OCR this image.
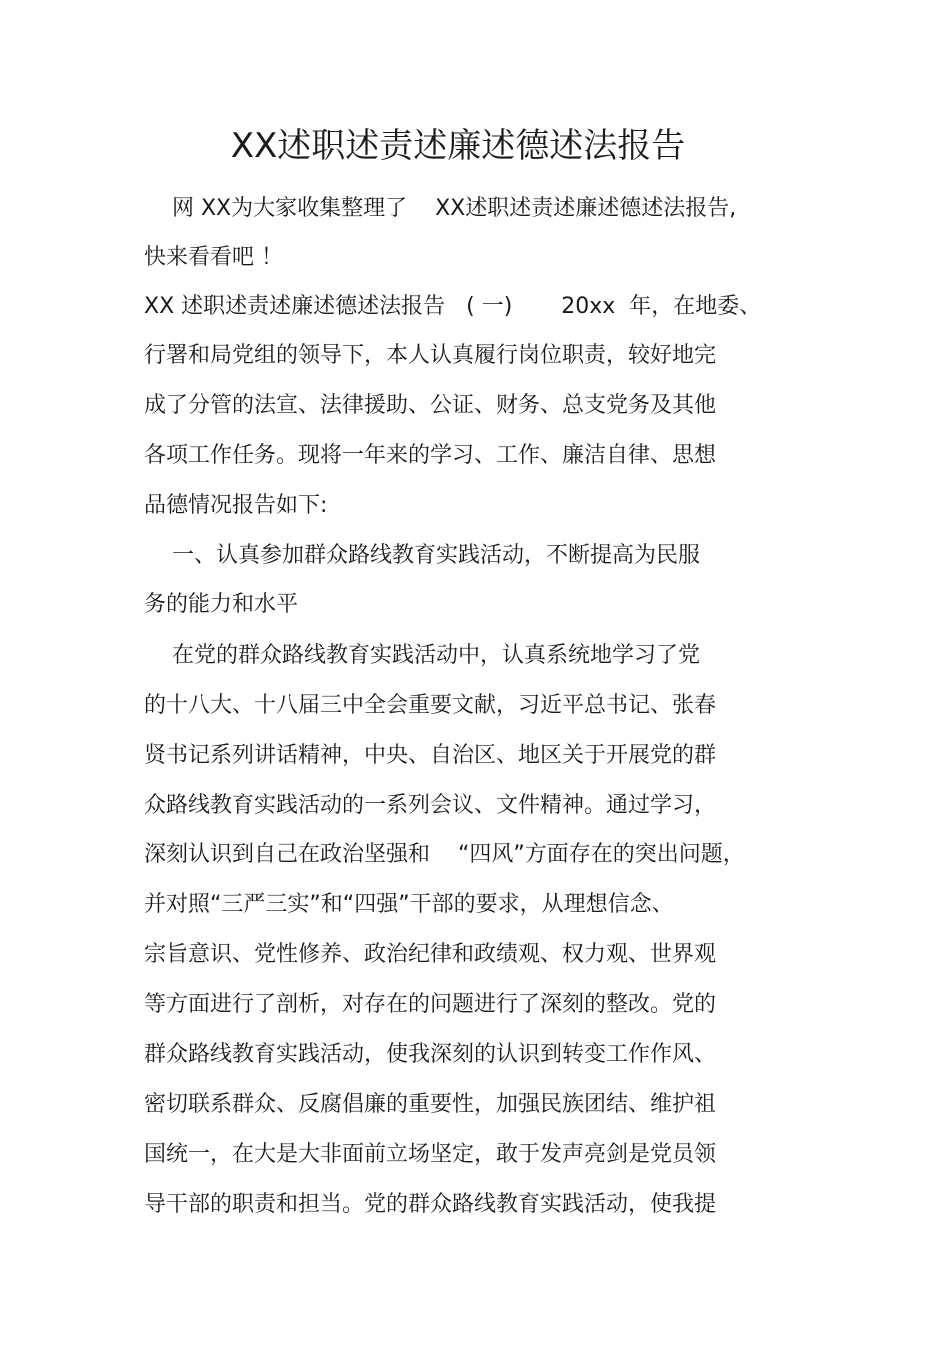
XX述职述责述廉述德述法报告
网 XX为大家收集整理了    XX述职述责述廉述德述法报告,
快来看看吧 ！
XX 述职述责述廉述德述法报告   ( 一)       20xx  年，在地委、
行署和局党组的领导下，本人认真履行岗位职责，较好地完
成了分管的法宣、法律援助、公证、财务、总支党务及其他
各项工作任务。现将一年来的学习、工作、廉洁自律、思想
品德情况报告如下:
一、认真参加群众路线教育实践活动，不断提高为民服
务的能力和水平
在党的群众路线教育实践活动中，认真系统地学习了党
的十八大、十八届三中全会重要文献，习近平总书记、张春
贤书记系列讲话精神，中央、自治区、地区关于开展党的群
众路线教育实践活动的一系列会议、文件精神。通过学习，
深刻认识到自己在政治坚强和    “四风”方面存在的突出问题，
并对照“三严三实”和“四强”干部的要求，从理想信念、
宗旨意识、党性修养、政治纪律和政绩观、权力观、世界观
等方面进行了剖析，对存在的问题进行了深刻的整改。党的
群众路线教育实践活动，使我深刻的认识到转变工作作风、
密切联系群众、反腐倡廉的重要性，加强民族团结、维护祖
国统一，在大是大非面前立场坚定，敢于发声亮剑是党员领
导干部的职责和担当。党的群众路线教育实践活动，使我提
